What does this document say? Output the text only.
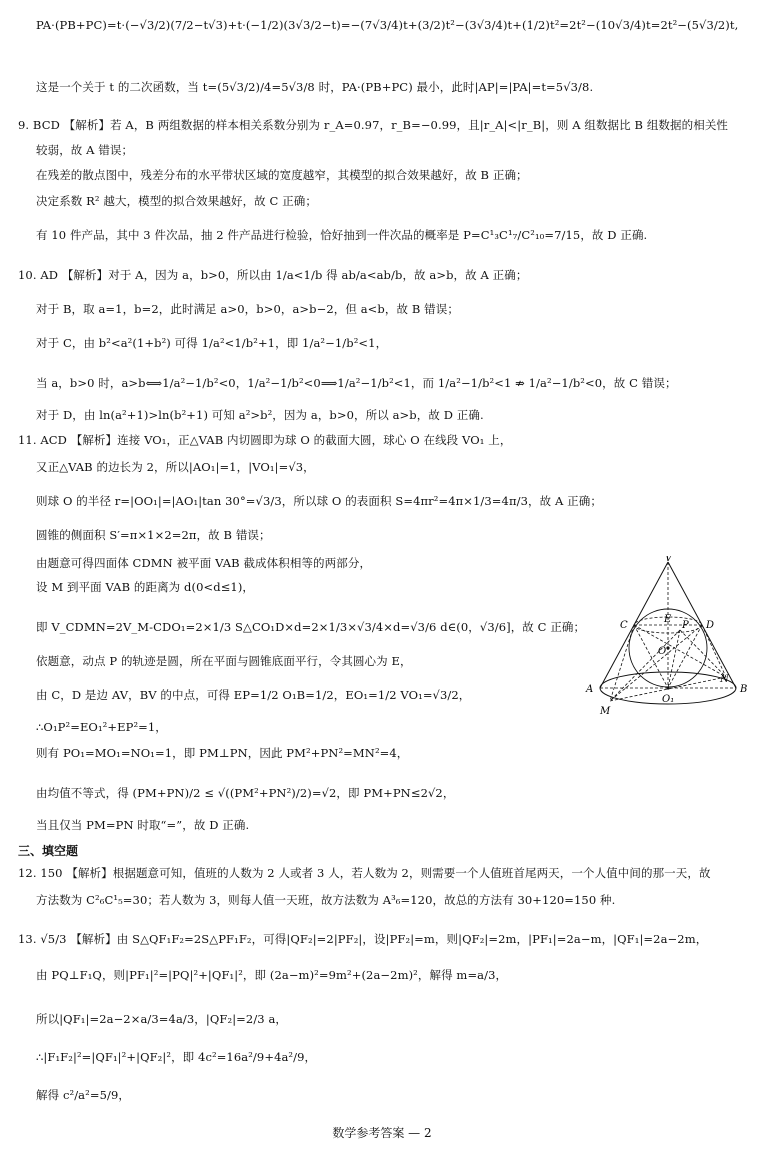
PA·(PB+PC)=t·(−√3/2)(7/2−t√3)+t·(−1/2)(3√3/2−t)=−(7√3/4)t+(3/2)t²−(3√3/4)t+(1/2)t²=2t²−(10√3/4)t=2t²−(5√3/2)t,
这是一个关于 t 的二次函数，当 t=(5√3/2)/4=5√3/8 时，PA·(PB+PC) 最小，此时|AP|=|PA|=t=5√3/8.
9. BCD 【解析】若 A，B 两组数据的样本相关系数分别为 r_A=0.97，r_B=−0.99，且|r_A|<|r_B|，则 A 组数据比 B 组数据的相关性
较弱，故 A 错误；
在残差的散点图中，残差分布的水平带状区域的宽度越窄，其模型的拟合效果越好，故 B 正确；
决定系数 R² 越大，模型的拟合效果越好，故 C 正确；
有 10 件产品，其中 3 件次品，抽 2 件产品进行检验，恰好抽到一件次品的概率是 P=C¹₃C¹₇/C²₁₀=7/15，故 D 正确.
10. AD 【解析】对于 A，因为 a，b>0，所以由 1/a<1/b 得 ab/a<ab/b，故 a>b，故 A 正确；
对于 B，取 a=1，b=2，此时满足 a>0，b>0，a>b−2，但 a<b，故 B 错误；
对于 C，由 b²<a²(1+b²) 可得 1/a²<1/b²+1，即 1/a²−1/b²<1，
当 a，b>0 时，a>b⟺1/a²−1/b²<0，1/a²−1/b²<0⟹1/a²−1/b²<1，而 1/a²−1/b²<1 ⇏ 1/a²−1/b²<0，故 C 错误；
对于 D，由 ln(a²+1)>ln(b²+1) 可知 a²>b²，因为 a，b>0，所以 a>b，故 D 正确.
11. ACD 【解析】连接 VO₁，正△VAB 内切圆即为球 O 的截面大圆，球心 O 在线段 VO₁ 上，
又正△VAB 的边长为 2，所以|AO₁|=1，|VO₁|=√3，
则球 O 的半径 r=|OO₁|=|AO₁|tan 30°=√3/3，所以球 O 的表面积 S=4πr²=4π×1/3=4π/3，故 A 正确；
圆锥的侧面积 S′=π×1×2=2π，故 B 错误；
由题意可得四面体 CDMN 被平面 VAB 截成体积相等的两部分，
设 M 到平面 VAB 的距离为 d(0<d≤1)，
即 V_CDMN=2V_M-CDO₁=2×1/3 S△CO₁D×d=2×1/3×√3/4×d=√3/6 d∈(0，√3/6]，故 C 正确；
依题意，动点 P 的轨迹是圆，所在平面与圆锥底面平行，令其圆心为 E，
由 C，D 是边 AV，BV 的中点，可得 EP=1/2 O₁B=1/2，EO₁=1/2 VO₁=√3/2，
∴O₁P²=EO₁²+EP²=1，
则有 PO₁=MO₁=NO₁=1，即 PM⊥PN，因此 PM²+PN²=MN²=4，
由均值不等式，得 (PM+PN)/2 ≤ √((PM²+PN²)/2)=√2，即 PM+PN≤2√2，
当且仅当 PM=PN 时取“=”，故 D 正确.
12. 150 【解析】根据题意可知，值班的人数为 2 人或者 3 人，若人数为 2，则需要一个人值班首尾两天，一个人值中间的那一天，故
方法数为 C²₆C¹₅=30；若人数为 3，则每人值一天班，故方法数为 A³₆=120，故总的方法有 30+120=150 种.
13. √5/3 【解析】由 S△QF₁F₂=2S△PF₁F₂，可得|QF₂|=2|PF₂|，设|PF₂|=m，则|QF₂|=2m，|PF₁|=2a−m，|QF₁|=2a−2m，
由 PQ⊥F₁Q，则|PF₁|²=|PQ|²+|QF₁|²，即 (2a−m)²=9m²+(2a−2m)²，解得 m=a/3，
所以|QF₁|=2a−2×a/3=4a/3，|QF₂|=2/3 a，
∴|F₁F₂|²=|QF₁|²+|QF₂|²，即 4c²=16a²/9+4a²/9，
解得 c²/a²=5/9，
三、填空题
V
C	D
E
P
O
N
A	B
O₁
M
数学参考答案 — 2
